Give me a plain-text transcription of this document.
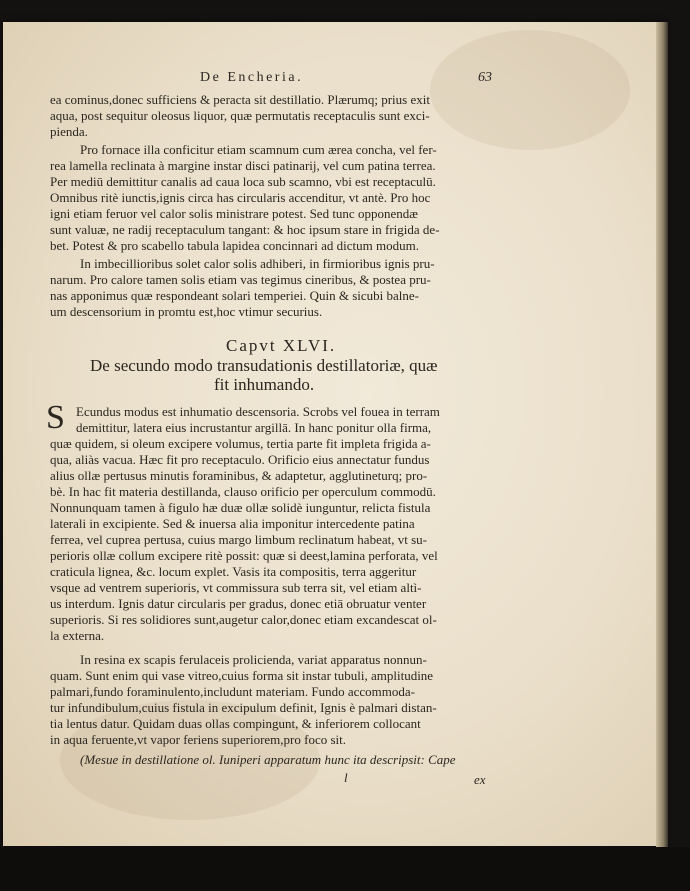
De Encheria.	63
ea cominus,donec sufficiens & peracta sit destillatio. Plærumq; prius exit
aqua, post sequitur oleosus liquor, quæ permutatis receptaculis sunt exci-
pienda.
Pro fornace illa conficitur etiam scamnum cum ærea concha, vel fer-
rea lamella reclinata à margine instar disci patinarij, vel cum patina terrea.
Per mediū demittitur canalis ad caua loca sub scamno, vbi est receptaculū.
Omnibus ritè iunctis,ignis circa has circularis accenditur, vt antè. Pro hoc
igni etiam feruor vel calor solis ministrare potest. Sed tunc opponendæ
sunt valuæ, ne radij receptaculum tangant: & hoc ipsum stare in frigida de-
bet. Potest & pro scabello tabula lapidea concinnari ad dictum modum.
In imbecillioribus solet calor solis adhiberi, in firmioribus ignis pru-
narum. Pro calore tamen solis etiam vas tegimus cineribus, & postea pru-
nas apponimus quæ respondeant solari temperiei. Quin & sicubi balne-
um descensorium in promtu est,hoc vtimur securius.
Capvt XLVI.
De secundo modo transudationis destillatoriæ, quæ
fit inhumando.
S Ecundus modus est inhumatio descensoria. Scrobs vel fouea in terram
demittitur, latera eius incrustantur argillā. In hanc ponitur olla firma,
quæ quidem, si oleum excipere volumus, tertia parte fit impleta frigida a-
qua, aliàs vacua. Hæc fit pro receptaculo. Orificio eius annectatur fundus
alius ollæ pertusus minutis foraminibus, & adaptetur, agglutineturq; pro-
bè. In hac fit materia destillanda, clauso orificio per operculum commodū.
Nonnunquam tamen à figulo hæ duæ ollæ solidè iunguntur, relicta fistula
laterali in excipiente. Sed & inuersa alia imponitur intercedente patina
ferrea, vel cuprea pertusa, cuius margo limbum reclinatum habeat, vt su-
perioris ollæ collum excipere ritè possit: quæ si deest,lamina perforata, vel
craticula lignea, &c. locum explet. Vasis ita compositis, terra aggeritur
vsque ad ventrem superioris, vt commissura sub terra sit, vel etiam altì-
us interdum. Ignis datur circularis per gradus, donec etiā obruatur venter
superioris. Si res solidiores sunt,augetur calor,donec etiam excandescat ol-
la externa.
In resina ex scapis ferulaceis prolicienda, variat apparatus nonnun-
quam. Sunt enim qui vase vitreo,cuius forma sit instar tubuli, amplitudine
palmari,fundo foraminulento,includunt materiam. Fundo accommoda-
tur infundibulum,cuius fistula in excipulum definit, Ignis è palmari distan-
tia lentus datur. Quidam duas ollas compingunt, & inferiorem collocant
in aqua feruente,vt vapor feriens superiorem,pro foco sit.
(Mesue in destillatione ol. Iuniperi apparatum hunc ita descripsit: Cape
l	ex
